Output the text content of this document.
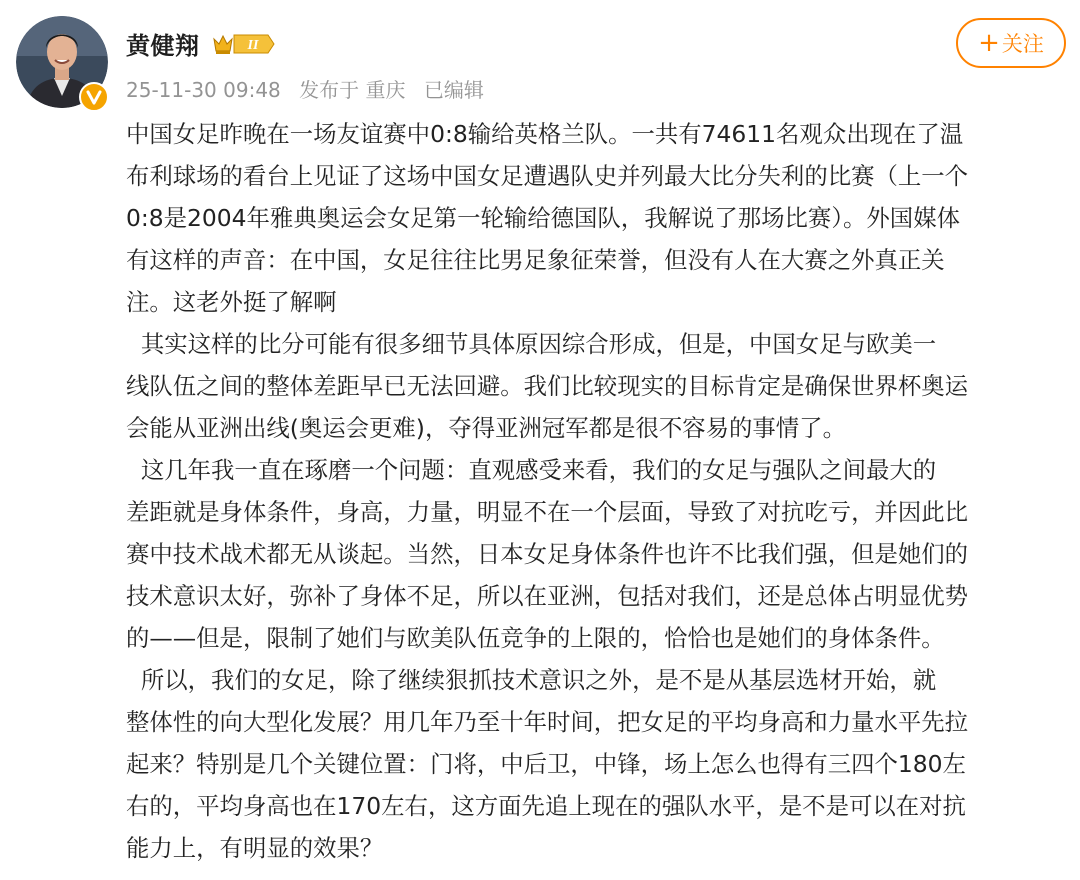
黄健翔	II
25-11-30 09:48 发布于 重庆 已编辑
+ 关注
中国女足昨晚在一场友谊赛中0:8输给英格兰队。一共有74611名观众出现在了温
布利球场的看台上见证了这场中国女足遭遇队史并列最大比分失利的比赛（上一个
0:8是2004年雅典奥运会女足第一轮输给德国队，我解说了那场比赛）。外国媒体
有这样的声音：在中国，女足往往比男足象征荣誉，但没有人在大赛之外真正关
注。这老外挺了解啊
其实这样的比分可能有很多细节具体原因综合形成，但是，中国女足与欧美一
线队伍之间的整体差距早已无法回避。我们比较现实的目标肯定是确保世界杯奥运
会能从亚洲出线(奥运会更难)，夺得亚洲冠军都是很不容易的事情了。
这几年我一直在琢磨一个问题：直观感受来看，我们的女足与强队之间最大的
差距就是身体条件，身高，力量，明显不在一个层面，导致了对抗吃亏，并因此比
赛中技术战术都无从谈起。当然，日本女足身体条件也许不比我们强，但是她们的
技术意识太好，弥补了身体不足，所以在亚洲，包括对我们，还是总体占明显优势
的——但是，限制了她们与欧美队伍竞争的上限的，恰恰也是她们的身体条件。
所以，我们的女足，除了继续狠抓技术意识之外，是不是从基层选材开始，就
整体性的向大型化发展？用几年乃至十年时间，把女足的平均身高和力量水平先拉
起来？特别是几个关键位置：门将，中后卫，中锋，场上怎么也得有三四个180左
右的，平均身高也在170左右，这方面先追上现在的强队水平，是不是可以在对抗
能力上，有明显的效果？
